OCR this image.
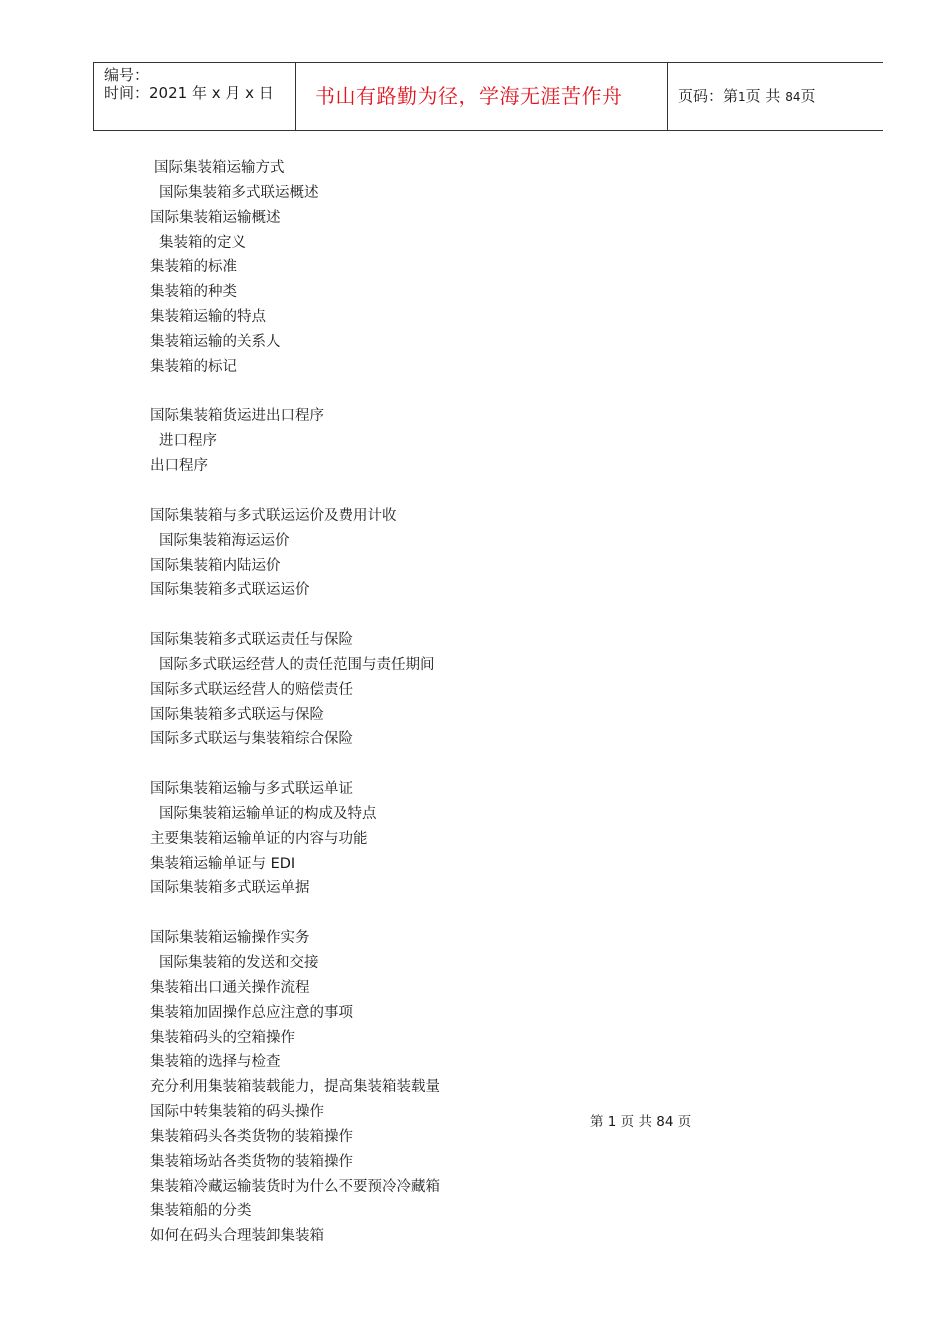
编号：
时间：2021 年 x 月 x 日 书山有路勤为径，学海无涯苦作舟	页码：第1页 共 84页
国际集装箱运输方式
国际集装箱多式联运概述
国际集装箱运输概述
集装箱的定义
集装箱的标准
集装箱的种类
集装箱运输的特点
集装箱运输的关系人
集装箱的标记
国际集装箱货运进出口程序
进口程序
出口程序
国际集装箱与多式联运运价及费用计收
国际集装箱海运运价
国际集装箱内陆运价
国际集装箱多式联运运价
国际集装箱多式联运责任与保险
国际多式联运经营人的责任范围与责任期间
国际多式联运经营人的赔偿责任
国际集装箱多式联运与保险
国际多式联运与集装箱综合保险
国际集装箱运输与多式联运单证
国际集装箱运输单证的构成及特点
主要集装箱运输单证的内容与功能
集装箱运输单证与 EDI
国际集装箱多式联运单据
国际集装箱运输操作实务
国际集装箱的发送和交接
集装箱出口通关操作流程
集装箱加固操作总应注意的事项
集装箱码头的空箱操作
集装箱的选择与检查
充分利用集装箱装载能力，提高集装箱装载量
国际中转集装箱的码头操作
集装箱码头各类货物的装箱操作
集装箱场站各类货物的装箱操作
集装箱冷藏运输装货时为什么不要预冷冷藏箱
集装箱船的分类
如何在码头合理装卸集装箱
第 1 页 共 84 页
